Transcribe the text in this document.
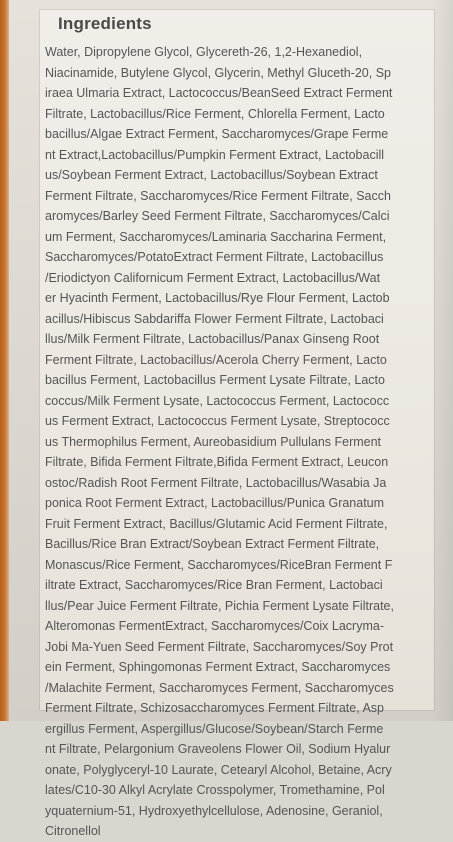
Ingredients

Water, Dipropylene Glycol, Glycereth-26, 1,2-Hexanediol,
Niacinamide, Butylene Glycol, Glycerin, Methyl Gluceth-20, Sp
iraea Ulmaria Extract, Lactococcus/BeanSeed Extract Ferment
Filtrate, Lactobacillus/Rice Ferment, Chlorella Ferment, Lacto
bacillus/Algae Extract Ferment, Saccharomyces/Grape Ferme
nt Extract,Lactobacillus/Pumpkin Ferment Extract, Lactobacill
us/Soybean Ferment Extract, Lactobacillus/Soybean Extract
Ferment Filtrate, Saccharomyces/Rice Ferment Filtrate, Sacch
aromyces/Barley Seed Ferment Filtrate, Saccharomyces/Calci
um Ferment, Saccharomyces/Laminaria Saccharina Ferment,
Saccharomyces/PotatoExtract Ferment Filtrate, Lactobacillus
/Eriodictyon Californicum Ferment Extract, Lactobacillus/Wat
er Hyacinth Ferment, Lactobacillus/Rye Flour Ferment, Lactob
acillus/Hibiscus Sabdariffa Flower Ferment Filtrate, Lactobaci
llus/Milk Ferment Filtrate, Lactobacillus/Panax Ginseng Root
Ferment Filtrate, Lactobacillus/Acerola Cherry Ferment, Lacto
bacillus Ferment, Lactobacillus Ferment Lysate Filtrate, Lacto
coccus/Milk Ferment Lysate, Lactococcus Ferment, Lactococc
us Ferment Extract, Lactococcus Ferment Lysate, Streptococc
us Thermophilus Ferment, Aureobasidium Pullulans Ferment
Filtrate, Bifida Ferment Filtrate,Bifida Ferment Extract, Leucon
ostoc/Radish Root Ferment Filtrate, Lactobacillus/Wasabia Ja
ponica Root Ferment Extract, Lactobacillus/Punica Granatum
Fruit Ferment Extract, Bacillus/Glutamic Acid Ferment Filtrate,
Bacillus/Rice Bran Extract/Soybean Extract Ferment Filtrate,
Monascus/Rice Ferment, Saccharomyces/RiceBran Ferment F
iltrate Extract, Saccharomyces/Rice Bran Ferment, Lactobaci
llus/Pear Juice Ferment Filtrate, Pichia Ferment Lysate Filtrate,
Alteromonas FermentExtract, Saccharomyces/Coix Lacryma-
Jobi Ma-Yuen Seed Ferment Filtrate, Saccharomyces/Soy Prot
ein Ferment, Sphingomonas Ferment Extract, Saccharomyces
/Malachite Ferment, Saccharomyces Ferment, Saccharomyces
Ferment Filtrate, Schizosaccharomyces Ferment Filtrate, Asp
ergillus Ferment, Aspergillus/Glucose/Soybean/Starch Ferme
nt Filtrate, Pelargonium Graveolens Flower Oil, Sodium Hyalur
onate, Polyglyceryl-10 Laurate, Cetearyl Alcohol, Betaine, Acry
lates/C10-30 Alkyl Acrylate Crosspolymer, Tromethamine, Pol
yquaternium-51, Hydroxyethylcellulose, Adenosine, Geraniol,
Citronellol
